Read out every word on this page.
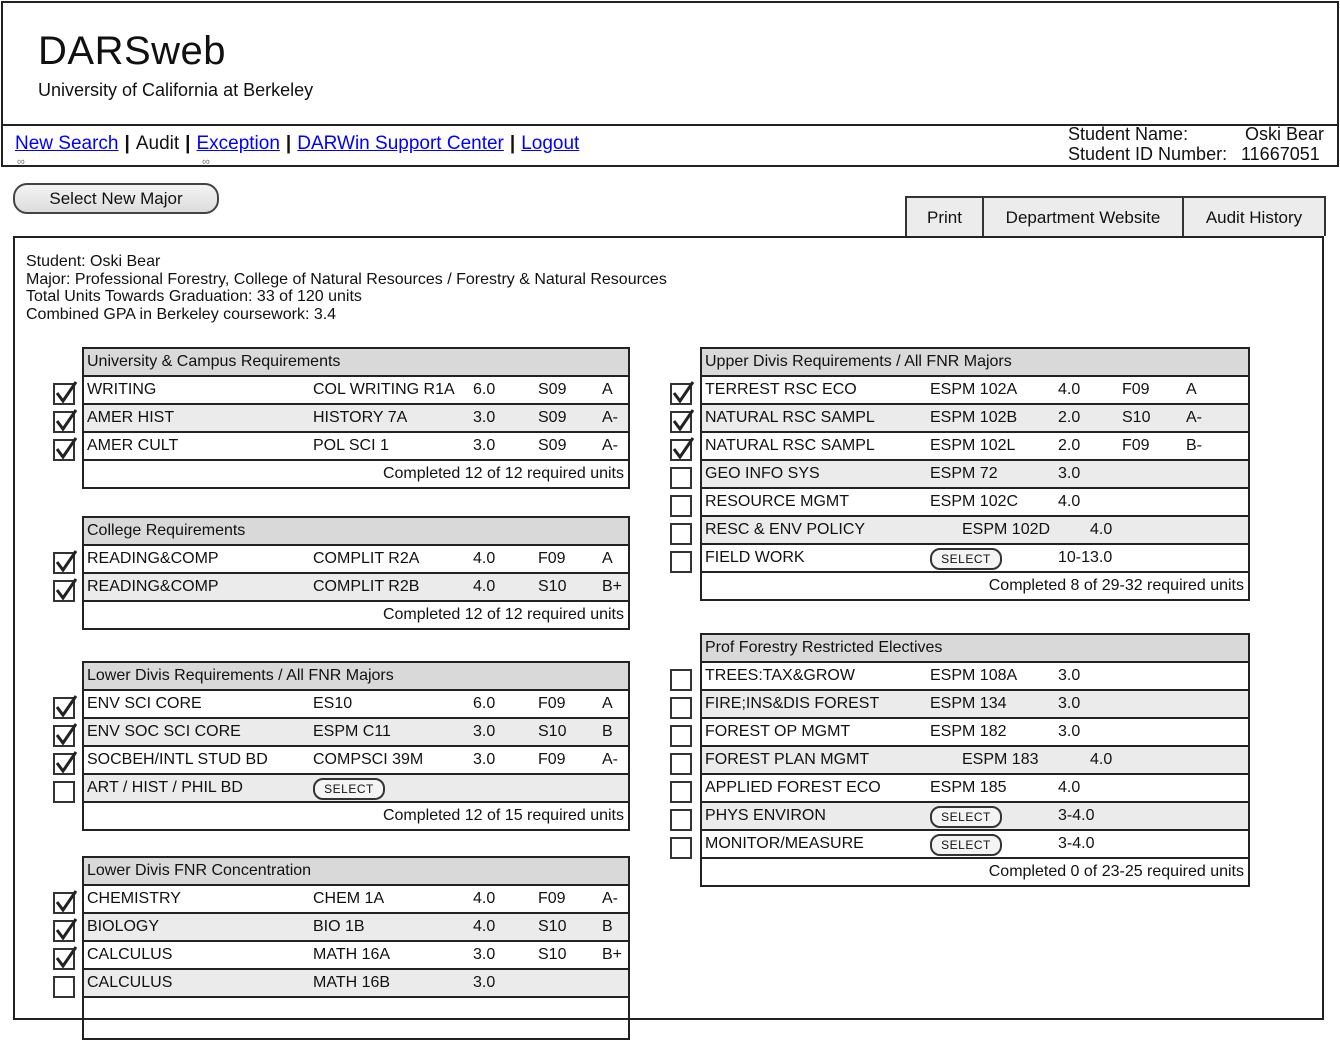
DARSweb
University of California at Berkeley
New Search | Audit | Exception | DARWin Support Center | Logout
∞	∞
Student Name:	Oski Bear
Student ID Number: 11667051
Select New Major
Print	Department Website	Audit History
Student: Oski Bear
Major: Professional Forestry, College of Natural Resources / Forestry & Natural Resources
Total Units Towards Graduation: 33 of 120 units
Combined GPA in Berkeley coursework: 3.4
University & Campus Requirements
WRITING	COL WRITING R1A 6.0	S09 A
AMER HIST	HISTORY 7A	3.0	S09 A-
AMER CULT	POL SCI 1	3.0	S09 A-
Completed 12 of 12 required units
College Requirements
READING&COMP	COMPLIT R2A	4.0	F09 A
READING&COMP	COMPLIT R2B	4.0	S10 B+
Completed 12 of 12 required units
Lower Divis Requirements / All FNR Majors
ENV SCI CORE	ES10	6.0	F09 A
ENV SOC SCI CORE	ESPM C11	3.0	S10 B
SOCBEH/INTL STUD BD	COMPSCI 39M	3.0	F09 A-
ART / HIST / PHIL BD	SELECT
Completed 12 of 15 required units
Lower Divis FNR Concentration
CHEMISTRY	CHEM 1A	4.0	F09 A-
BIOLOGY	BIO 1B	4.0	S10 B
CALCULUS	MATH 16A	3.0	S10 B+
CALCULUS	MATH 16B	3.0
Upper Divis Requirements / All FNR Majors
TERREST RSC ECO	ESPM 102A	4.0	F09 A
NATURAL RSC SAMPL	ESPM 102B	2.0	S10 A-
NATURAL RSC SAMPL	ESPM 102L	2.0	F09 B-
GEO INFO SYS	ESPM 72	3.0
RESOURCE MGMT	ESPM 102C 4.0
RESC & ENV POLICY	ESPM 102D 4.0
FIELD WORK	SELECT	10-13.0
Completed 8 of 29-32 required units
Prof Forestry Restricted Electives
TREES:TAX&GROW	ESPM 108A	3.0
FIRE;INS&DIS FOREST	ESPM 134	3.0
FOREST OP MGMT	ESPM 182	3.0
FOREST PLAN MGMT	ESPM 183	4.0
APPLIED FOREST ECO	ESPM 185	4.0
PHYS ENVIRON	SELECT	3-4.0
MONITOR/MEASURE	SELECT	3-4.0
Completed 0 of 23-25 required units
